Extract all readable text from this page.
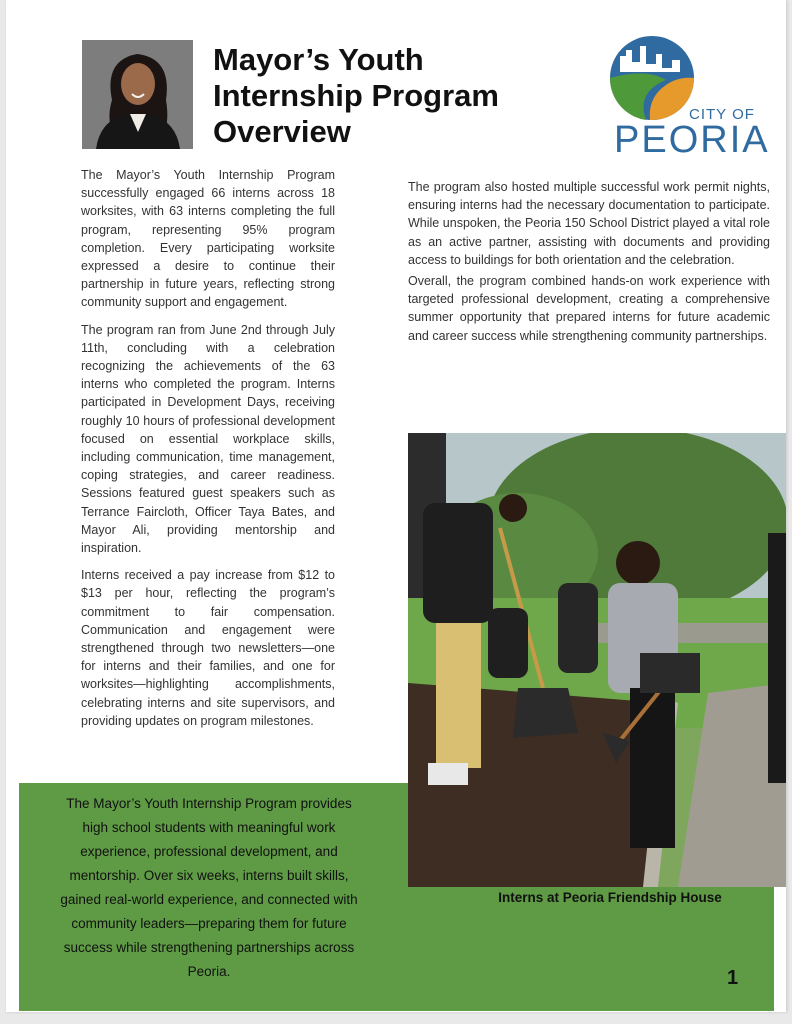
Mayor’s Youth
Internship Program
Overview	CITY OF
PEORIA

The Mayor’s Youth Internship Program successfully engaged 66 interns across 18 worksites, with 63 interns completing the full program, representing 95% program completion. Every participating worksite expressed a desire to continue their partnership in future years, reflecting strong community support and engagement.

The program ran from June 2nd through July 11th, concluding with a celebration recognizing the achievements of the 63 interns who completed the program. Interns participated in Development Days, receiving roughly 10 hours of professional development focused on essential workplace skills, including communication, time management, coping strategies, and career readiness. Sessions featured guest speakers such as Terrance Faircloth, Officer Taya Bates, and Mayor Ali, providing mentorship and inspiration.

Interns received a pay increase from $12 to $13 per hour, reflecting the program’s commitment to fair compensation. Communication and engagement were strengthened through two newsletters—one for interns and their families, and one for worksites—highlighting accomplishments, celebrating interns and site supervisors, and providing updates on program milestones.

The program also hosted multiple successful work permit nights, ensuring interns had the necessary documentation to participate. While unspoken, the Peoria 150 School District played a vital role as an active partner, assisting with documents and providing access to buildings for both orientation and the celebration.

Overall, the program combined hands-on work experience with targeted professional development, creating a comprehensive summer opportunity that prepared interns for future academic and career success while strengthening community partnerships.

The Mayor’s Youth Internship Program provides high school students with meaningful work experience, professional development, and mentorship. Over six weeks, interns built skills, gained real-world experience, and connected with community leaders—preparing them for future success while strengthening partnerships across Peoria.

Interns at Peoria Friendship House

1
